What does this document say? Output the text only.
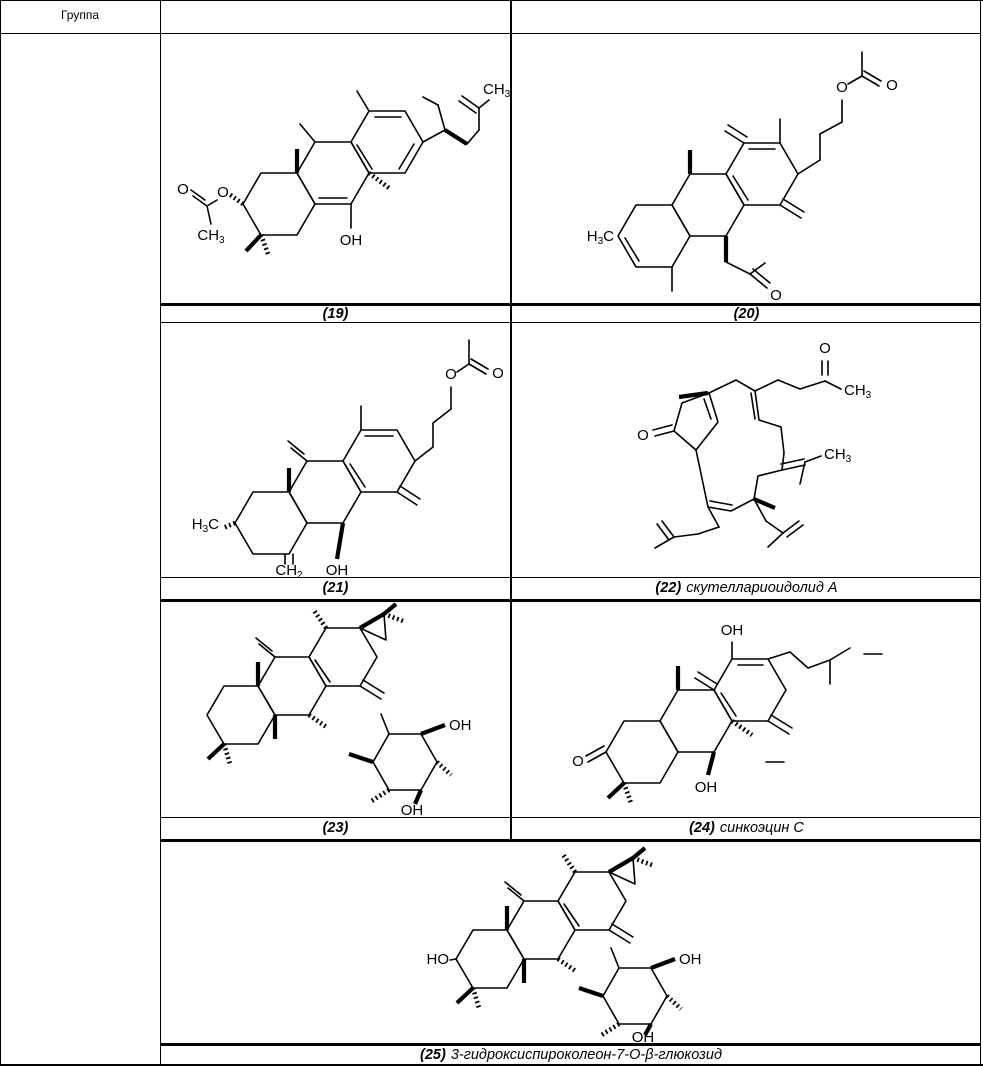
Группа
OH
O
O
$CH_3$
$CH_3$	O	O
$H_3C$
O
(19)	(20)
O O
$H_3C$
$CH_2$ OH
O
$CH_3$
O
$CH_3$
(21)	(22) скутеллариоидолид А
OH
OH
OH
O
OH
(23)	(24) синкоэцин С
HO	OH
OH
(25) 3-гидроксиспироколеон-7-О-β-глюкозид
